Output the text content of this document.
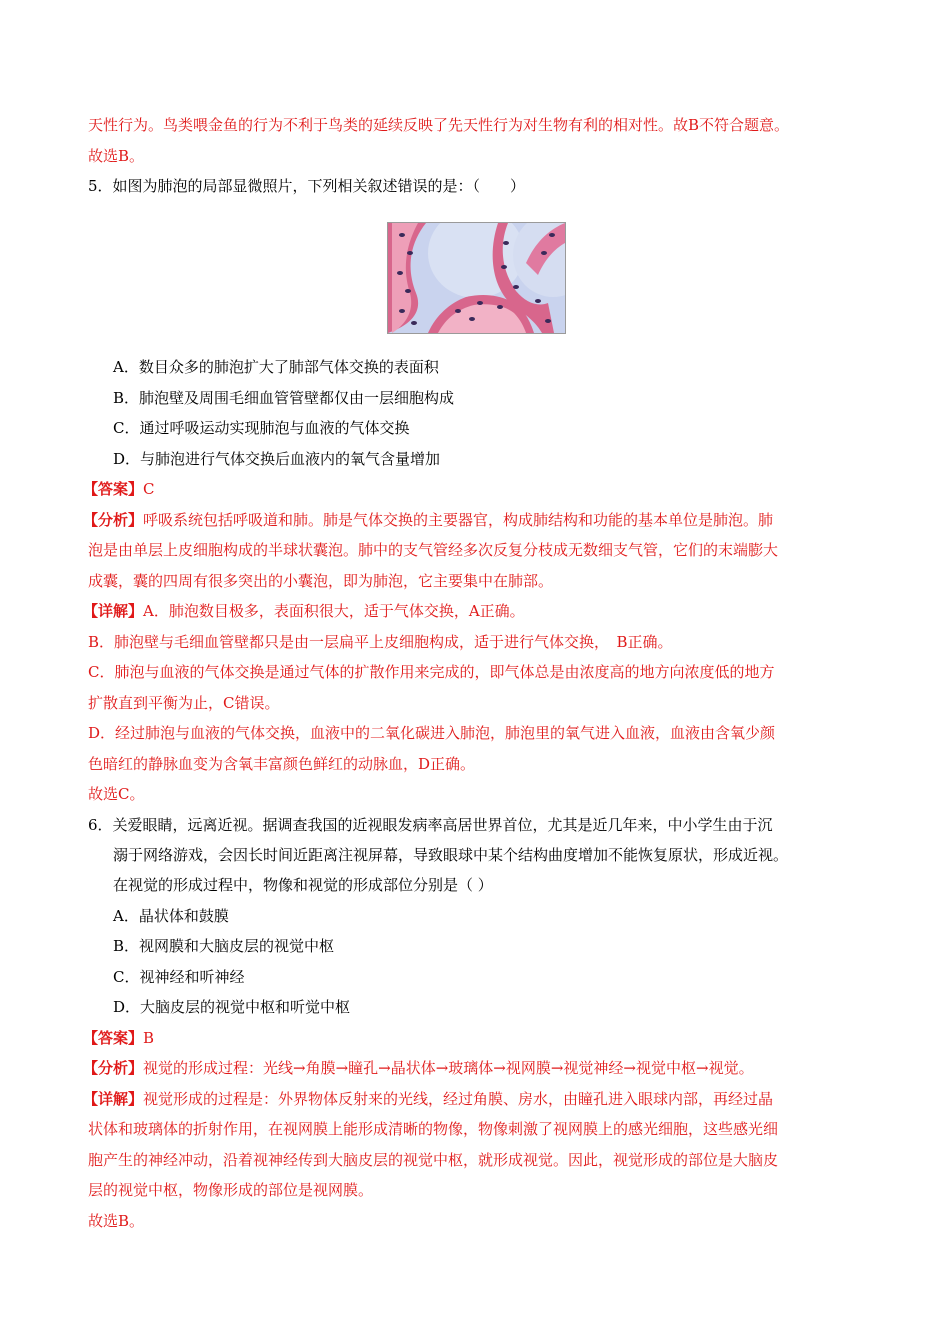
天性行为。鸟类喂金鱼的行为不利于鸟类的延续反映了先天性行为对生物有利的相对性。故B不符合题意。
故选B。
5．如图为肺泡的局部显微照片，下列相关叙述错误的是：（　　）
A．数目众多的肺泡扩大了肺部气体交换的表面积
B．肺泡壁及周围毛细血管管壁都仅由一层细胞构成
C．通过呼吸运动实现肺泡与血液的气体交换
D．与肺泡进行气体交换后血液内的氧气含量增加
【答案】C
【分析】呼吸系统包括呼吸道和肺。肺是气体交换的主要器官，构成肺结构和功能的基本单位是肺泡。肺
泡是由单层上皮细胞构成的半球状囊泡。肺中的支气管经多次反复分枝成无数细支气管，它们的末端膨大
成囊，囊的四周有很多突出的小囊泡，即为肺泡，它主要集中在肺部。
【详解】A．肺泡数目极多，表面积很大，适于气体交换，A正确。
B．肺泡壁与毛细血管壁都只是由一层扁平上皮细胞构成，适于进行气体交换，　B正确。
C．肺泡与血液的气体交换是通过气体的扩散作用来完成的，即气体总是由浓度高的地方向浓度低的地方
扩散直到平衡为止，C错误。
D．经过肺泡与血液的气体交换，血液中的二氧化碳进入肺泡，肺泡里的氧气进入血液，血液由含氧少颜
色暗红的静脉血变为含氧丰富颜色鲜红的动脉血，D正确。
故选C。
6．关爱眼睛，远离近视。据调查我国的近视眼发病率高居世界首位，尤其是近几年来，中小学生由于沉
溺于网络游戏，会因长时间近距离注视屏幕，导致眼球中某个结构曲度增加不能恢复原状，形成近视。
在视觉的形成过程中，物像和视觉的形成部位分别是（ ）
A．晶状体和鼓膜
B．视网膜和大脑皮层的视觉中枢
C．视神经和听神经
D．大脑皮层的视觉中枢和听觉中枢
【答案】B
【分析】视觉的形成过程：光线→角膜→瞳孔→晶状体→玻璃体→视网膜→视觉神经→视觉中枢→视觉。
【详解】视觉形成的过程是：外界物体反射来的光线，经过角膜、房水，由瞳孔进入眼球内部，再经过晶
状体和玻璃体的折射作用，在视网膜上能形成清晰的物像，物像刺激了视网膜上的感光细胞，这些感光细
胞产生的神经冲动，沿着视神经传到大脑皮层的视觉中枢，就形成视觉。因此，视觉形成的部位是大脑皮
层的视觉中枢，物像形成的部位是视网膜。
故选B。
